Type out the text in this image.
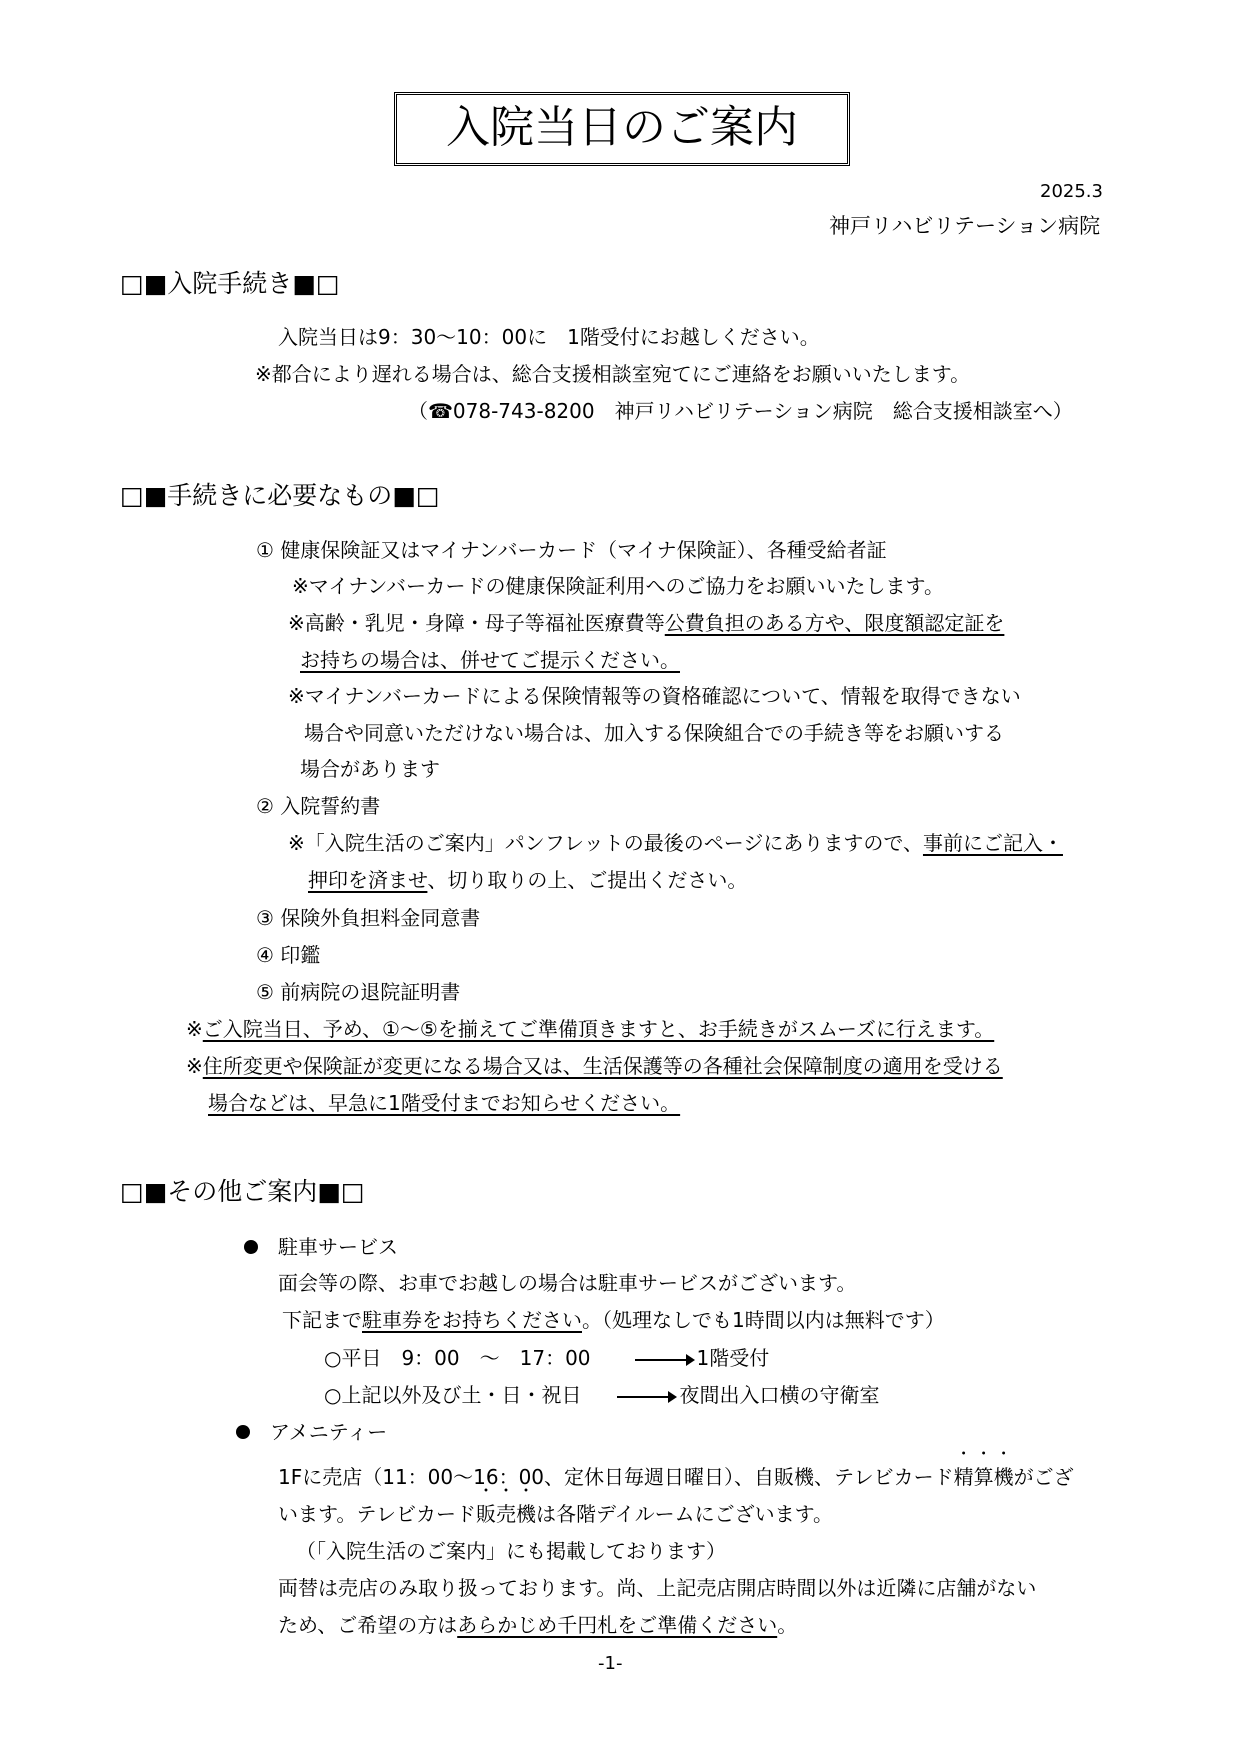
入院当日のご案内
2025.3
神戸リハビリテーション病院
□■入院手続き■□
入院当日は9：30～10：00に　1階受付にお越しください。
※都合により遅れる場合は、総合支援相談室宛てにご連絡をお願いいたします。
（☎078-743-8200　神戸リハビリテーション病院　総合支援相談室へ）
□■手続きに必要なもの■□
① 健康保険証又はマイナンバーカード（マイナ保険証）、各種受給者証
※マイナンバーカードの健康保険証利用へのご協力をお願いいたします。
※高齢・乳児・身障・母子等福祉医療費等公費負担のある方や、限度額認定証を
お持ちの場合は、併せてご提示ください。
※マイナンバーカードによる保険情報等の資格確認について、情報を取得できない
場合や同意いただけない場合は、加入する保険組合での手続き等をお願いする
場合があります
② 入院誓約書
※「入院生活のご案内」パンフレットの最後のページにありますので、事前にご記入・
押印を済ませ、切り取りの上、ご提出ください。
③ 保険外負担料金同意書
④ 印鑑
⑤ 前病院の退院証明書
※ご入院当日、予め、①～⑤を揃えてご準備頂きますと、お手続きがスムーズに行えます。
※住所変更や保険証が変更になる場合又は、生活保護等の各種社会保障制度の適用を受ける
場合などは、早急に1階受付までお知らせください。
□■その他ご案内■□
駐車サービス
面会等の際、お車でお越しの場合は駐車サービスがございます。
下記まで駐車券をお持ちください。（処理なしでも1時間以内は無料です）
○平日　9：00　～　17：00	1階受付
○上記以外及び土・日・祝日	夜間出入口横の守衛室
アメニティー
1Fに売店（11：00～16：00、定休日毎週日曜日）、自販機、テレビカード・ 精・ 算・ 機がござ
います。テレビカード・ 販・ 売・ 機は各階デイルームにございます。
（「入院生活のご案内」にも掲載しております）
両替は売店のみ取り扱っております。尚、上記売店開店時間以外は近隣に店舗がない
ため、ご希望の方はあらかじめ千円札をご準備ください。
-1-
